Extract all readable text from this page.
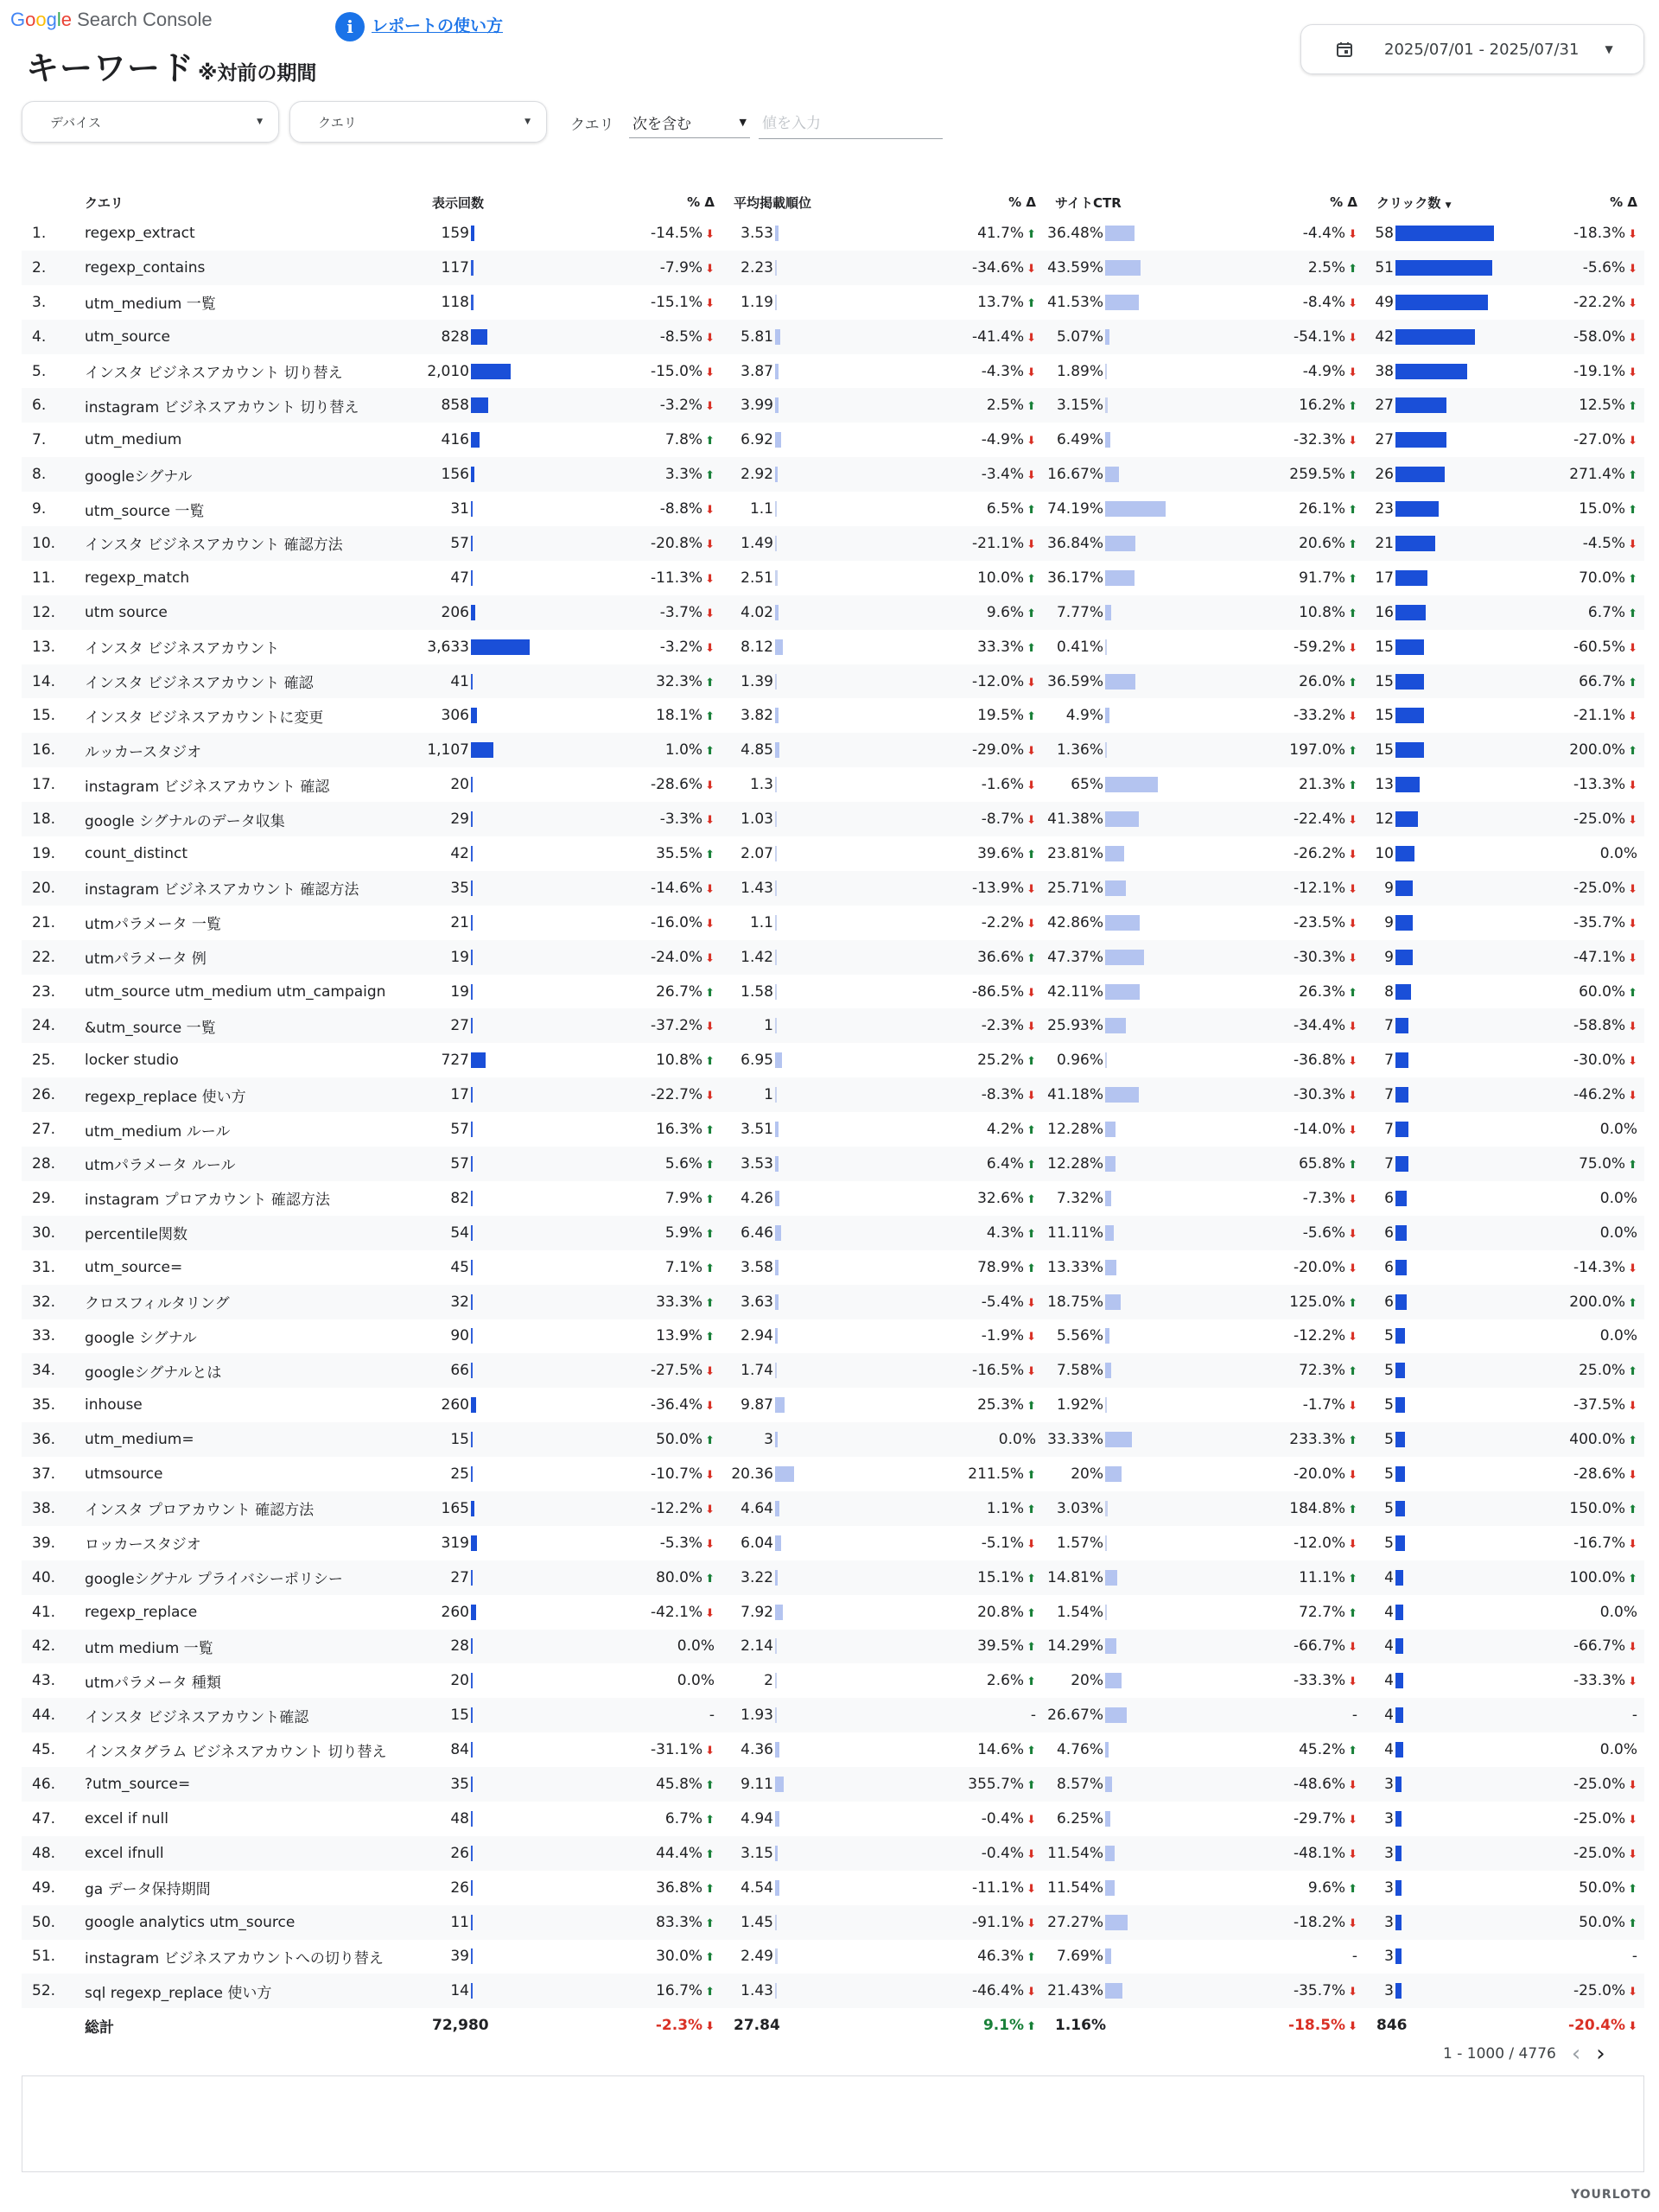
Google Search Console	i	レポートの使い方
キーワード ※対前の期間
2025/07/01 - 2025/07/31	▼
デバイス	▼	クエリ	▼	クエリ 次を含む	▼
値を入力
	クエリ	表示回数	% Δ	平均掲載順位	% Δ	サイトCTR	% Δ	クリック数 ▼	% Δ
1.	regexp_extract	159	-14.5% ⬇	3.53	41.7% ⬆	36.48%	-4.4% ⬇	58	-18.3% ⬇
2.	regexp_contains	117	-7.9% ⬇	2.23	-34.6% ⬇	43.59%	2.5% ⬆	51	-5.6% ⬇
3.	utm_medium 一覧	118	-15.1% ⬇	1.19	13.7% ⬆	41.53%	-8.4% ⬇	49	-22.2% ⬇
4.	utm_source	828	-8.5% ⬇	5.81	-41.4% ⬇	5.07%	-54.1% ⬇	42	-58.0% ⬇
5.	インスタ ビジネスアカウント 切り替え	2,010	-15.0% ⬇	3.87	-4.3% ⬇	1.89%	-4.9% ⬇	38	-19.1% ⬇
6.	instagram ビジネスアカウント 切り替え	858	-3.2% ⬇	3.99	2.5% ⬆	3.15%	16.2% ⬆	27	12.5% ⬆
7.	utm_medium	416	7.8% ⬆	6.92	-4.9% ⬇	6.49%	-32.3% ⬇	27	-27.0% ⬇
8.	googleシグナル	156	3.3% ⬆	2.92	-3.4% ⬇	16.67%	259.5% ⬆	26	271.4% ⬆
9.	utm_source 一覧	31	-8.8% ⬇	1.1	6.5% ⬆	74.19%	26.1% ⬆	23	15.0% ⬆
10.	インスタ ビジネスアカウント 確認方法	57	-20.8% ⬇	1.49	-21.1% ⬇	36.84%	20.6% ⬆	21	-4.5% ⬇
11.	regexp_match	47	-11.3% ⬇	2.51	10.0% ⬆	36.17%	91.7% ⬆	17	70.0% ⬆
12.	utm source	206	-3.7% ⬇	4.02	9.6% ⬆	7.77%	10.8% ⬆	16	6.7% ⬆
13.	インスタ ビジネスアカウント	3,633	-3.2% ⬇	8.12	33.3% ⬆	0.41%	-59.2% ⬇	15	-60.5% ⬇
14.	インスタ ビジネスアカウント 確認	41	32.3% ⬆	1.39	-12.0% ⬇	36.59%	26.0% ⬆	15	66.7% ⬆
15.	インスタ ビジネスアカウントに変更	306	18.1% ⬆	3.82	19.5% ⬆	4.9%	-33.2% ⬇	15	-21.1% ⬇
16.	ルッカースタジオ	1,107	1.0% ⬆	4.85	-29.0% ⬇	1.36%	197.0% ⬆	15	200.0% ⬆
17.	instagram ビジネスアカウント 確認	20	-28.6% ⬇	1.3	-1.6% ⬇	65%	21.3% ⬆	13	-13.3% ⬇
18.	google シグナルのデータ収集	29	-3.3% ⬇	1.03	-8.7% ⬇	41.38%	-22.4% ⬇	12	-25.0% ⬇
19.	count_distinct	42	35.5% ⬆	2.07	39.6% ⬆	23.81%	-26.2% ⬇	10	0.0%
20.	instagram ビジネスアカウント 確認方法	35	-14.6% ⬇	1.43	-13.9% ⬇	25.71%	-12.1% ⬇	9	-25.0% ⬇
21.	utmパラメータ 一覧	21	-16.0% ⬇	1.1	-2.2% ⬇	42.86%	-23.5% ⬇	9	-35.7% ⬇
22.	utmパラメータ 例	19	-24.0% ⬇	1.42	36.6% ⬆	47.37%	-30.3% ⬇	9	-47.1% ⬇
23.	utm_source utm_medium utm_campaign	19	26.7% ⬆	1.58	-86.5% ⬇	42.11%	26.3% ⬆	8	60.0% ⬆
24.	&utm_source 一覧	27	-37.2% ⬇	1	-2.3% ⬇	25.93%	-34.4% ⬇	7	-58.8% ⬇
25.	locker studio	727	10.8% ⬆	6.95	25.2% ⬆	0.96%	-36.8% ⬇	7	-30.0% ⬇
26.	regexp_replace 使い方	17	-22.7% ⬇	1	-8.3% ⬇	41.18%	-30.3% ⬇	7	-46.2% ⬇
27.	utm_medium ルール	57	16.3% ⬆	3.51	4.2% ⬆	12.28%	-14.0% ⬇	7	0.0%
28.	utmパラメータ ルール	57	5.6% ⬆	3.53	6.4% ⬆	12.28%	65.8% ⬆	7	75.0% ⬆
29.	instagram プロアカウント 確認方法	82	7.9% ⬆	4.26	32.6% ⬆	7.32%	-7.3% ⬇	6	0.0%
30.	percentile関数	54	5.9% ⬆	6.46	4.3% ⬆	11.11%	-5.6% ⬇	6	0.0%
31.	utm_source=	45	7.1% ⬆	3.58	78.9% ⬆	13.33%	-20.0% ⬇	6	-14.3% ⬇
32.	クロスフィルタリング	32	33.3% ⬆	3.63	-5.4% ⬇	18.75%	125.0% ⬆	6	200.0% ⬆
33.	google シグナル	90	13.9% ⬆	2.94	-1.9% ⬇	5.56%	-12.2% ⬇	5	0.0%
34.	googleシグナルとは	66	-27.5% ⬇	1.74	-16.5% ⬇	7.58%	72.3% ⬆	5	25.0% ⬆
35.	inhouse	260	-36.4% ⬇	9.87	25.3% ⬆	1.92%	-1.7% ⬇	5	-37.5% ⬇
36.	utm_medium=	15	50.0% ⬆	3	0.0%	33.33%	233.3% ⬆	5	400.0% ⬆
37.	utmsource	25	-10.7% ⬇	20.36	211.5% ⬆	20%	-20.0% ⬇	5	-28.6% ⬇
38.	インスタ プロアカウント 確認方法	165	-12.2% ⬇	4.64	1.1% ⬆	3.03%	184.8% ⬆	5	150.0% ⬆
39.	ロッカースタジオ	319	-5.3% ⬇	6.04	-5.1% ⬇	1.57%	-12.0% ⬇	5	-16.7% ⬇
40.	googleシグナル プライバシーポリシー	27	80.0% ⬆	3.22	15.1% ⬆	14.81%	11.1% ⬆	4	100.0% ⬆
41.	regexp_replace	260	-42.1% ⬇	7.92	20.8% ⬆	1.54%	72.7% ⬆	4	0.0%
42.	utm medium 一覧	28	0.0%	2.14	39.5% ⬆	14.29%	-66.7% ⬇	4	-66.7% ⬇
43.	utmパラメータ 種類	20	0.0%	2	2.6% ⬆	20%	-33.3% ⬇	4	-33.3% ⬇
44.	インスタ ビジネスアカウント確認	15	-	1.93	-	26.67%	-	4	-
45.	インスタグラム ビジネスアカウント 切り替え	84	-31.1% ⬇	4.36	14.6% ⬆	4.76%	45.2% ⬆	4	0.0%
46.	?utm_source=	35	45.8% ⬆	9.11	355.7% ⬆	8.57%	-48.6% ⬇	3	-25.0% ⬇
47.	excel if null	48	6.7% ⬆	4.94	-0.4% ⬇	6.25%	-29.7% ⬇	3	-25.0% ⬇
48.	excel ifnull	26	44.4% ⬆	3.15	-0.4% ⬇	11.54%	-48.1% ⬇	3	-25.0% ⬇
49.	ga データ保持期間	26	36.8% ⬆	4.54	-11.1% ⬇	11.54%	9.6% ⬆	3	50.0% ⬆
50.	google analytics utm_source	11	83.3% ⬆	1.45	-91.1% ⬇	27.27%	-18.2% ⬇	3	50.0% ⬆
51.	instagram ビジネスアカウントへの切り替え	39	30.0% ⬆	2.49	46.3% ⬆	7.69%	-	3	-
52.	sql regexp_replace 使い方	14	16.7% ⬆	1.43	-46.4% ⬇	21.43%	-35.7% ⬇	3	-25.0% ⬇
	総計	72,980	-2.3% ⬇	27.84	9.1% ⬆	1.16%	-18.5% ⬇	846	-20.4% ⬇
1 - 1000 / 4776 ‹ ›
YOURLOTO
